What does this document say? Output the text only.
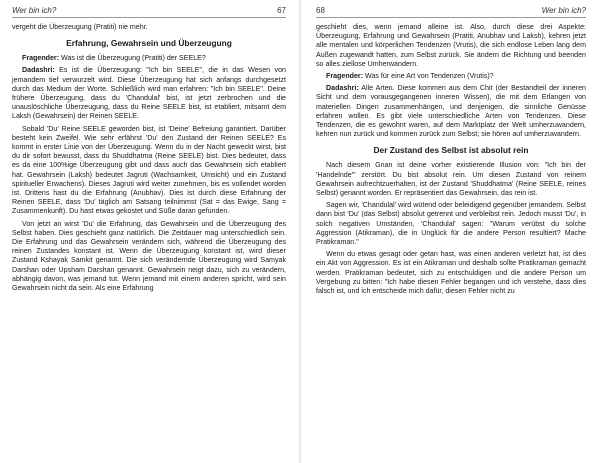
Wer bin ich?	67

vergeht die Überzeugung (Pratiti) nie mehr.

Erfahrung, Gewahrsein und Überzeugung

Fragender: Was ist die Überzeugung (Pratiti) der SEELE?

Dadashri: Es ist die Überzeugung: "Ich bin SEELE", die in das Wesen von jemandem tief verwurzelt wird. Diese Überzeugung hat sich anfangs durchgesetzt durch das Medium der Worte. Schließlich wird man erfahren: "Ich bin SEELE". Deine frühere Überzeugung, dass du 'Chandulal' bist, ist jetzt zerbrochen und die unauslöschliche Überzeugung, dass du Reine SEELE bist, ist etabliert, mitsamt dem Laksh (Gewahrsein) der Reinen SEELE.

Sobald 'Du' Reine SEELE geworden bist, ist 'Deine' Befreiung garantiert. Darüber besteht kein Zweifel. Wie sehr erfährst 'Du' den Zustand der Reinen SEELE? Es kommt in erster Linie von der Überzeugung. Wenn du in der Nacht geweckt wirst, bist du dir sofort bewusst, dass du Shuddhatma (Reine SEELE) bist. Dies bedeutet, dass es da eine 100%ige Überzeugung gibt und dass auch das Gewahrsein sich etabliert hat. Gewahrsein (Laksh) bedeutet Jagruti (Wachsamkeit, Umsicht) und ein Zustand spiritueller Erwachens). Dieses Jagruti wird weiter zunehmen, bis es vollendet worden ist. Drittens hast du die Erfahrung (Anubhav). Dies ist durch diese Erfahrung der Reinen SEELE, dass 'Du' täglich am Satsang teilnimmst (Sat = das Ewige, Sang = Zusammenkunft). Du hast etwas gekostet und Süße daran gefunden.

Von jetzt an wirst 'Du' die Erfahrung, das Gewahrsein und die Überzeugung des Selbst haben. Dies geschieht ganz natürlich. Die Zeitdauer mag unterschiedlich sein. Die Erfahrung und das Gewahrsein verändern sich, während die Überzeugung des reinen Zustandes konstant ist. Wenn die Überzeugung konstant ist, wird dieser Zustand Kshayak Samkit genannt. Die sich verändernde Überzeugung wird Samyak Darshan oder Upsham Darshan genannt. Gewahrsein neigt dazu, sich zu verändern, abhängig davon, was jemand tut. Wenn jemand mit einem anderen spricht, wird sein Gewahrsein nicht da sein. Als eine Erfahrung

68	Wer bin ich?

geschieht dies, wenn jemand alleine ist. Also, durch diese drei Aspekte: Überzeugung, Erfahrung und Gewahrsein (Pratiti, Anubhav und Laksh), kehren jetzt alle mentalen und körperlichen Tendenzen (Vrutis), die sich endlose Leben lang dem Außen zugewandt hatten, zum Selbst zurück. Sie ändern die Richtung und beenden so alles ziellose Umherwandern.

Fragender: Was für eine Art von Tendenzen (Vrutis)?

Dadashri: Alle Arten. Diese kommen aus dem Chit (der Bestandteil der inneren Sicht und dem vorausgegangenen inneren Wissen), die mit dem Erlangen von materiellen Dingen zusammenhängen, und denjenigen, die sinnliche Genüsse erfahren wollen. Es gibt viele unterschiedliche Arten von Tendenzen. Diese Tendenzen, die es gewohnt waren, auf dem Marktplatz der Welt umherzuwandern, kehren nun zurück und kommen zurück zum Selbst; sie hören auf umherzuwandern.

Der Zustand des Selbst ist absolut rein

Nach diesem Gnan ist deine vorher existierende Illusion von: "Ich bin der 'Handelnde'" zerstört. Du bist absolut rein. Um diesen Zustand von reinem Gewahrsein aufrechtzuerhalten, ist der Zustand 'Shuddhatma' (Reine SEELE, reines Selbst) genannt worden. Er repräsentiert das Gewahrsein, das rein ist.

Sagen wir, 'Chandulal' wird wütend oder beleidigend gegenüber jemandem. Selbst dann bist 'Du' (das Selbst) absolut getrennt und verbleibst rein. Jedoch musst 'Du', in solch negativen Umständen, 'Chandulal' sagen: "Warum verübst du solche Aggression (Atikraman), die in Unglück für die andere Person resultiert? Mache Pratikraman."

Wenn du etwas gesagt oder getan hast, was einen anderen verletzt hat, ist dies ein Akt von Aggression. Es ist ein Atikraman und deshalb sollte Pratikraman gemacht werden. Pratikraman bedeutet, sich zu entschuldigen und die andere Person um Vergebung zu bitten: "Ich habe diesen Fehler begangen und ich verstehe, dass dies falsch ist, und ich entscheide mich dafür, diesen Fehler nicht zu
